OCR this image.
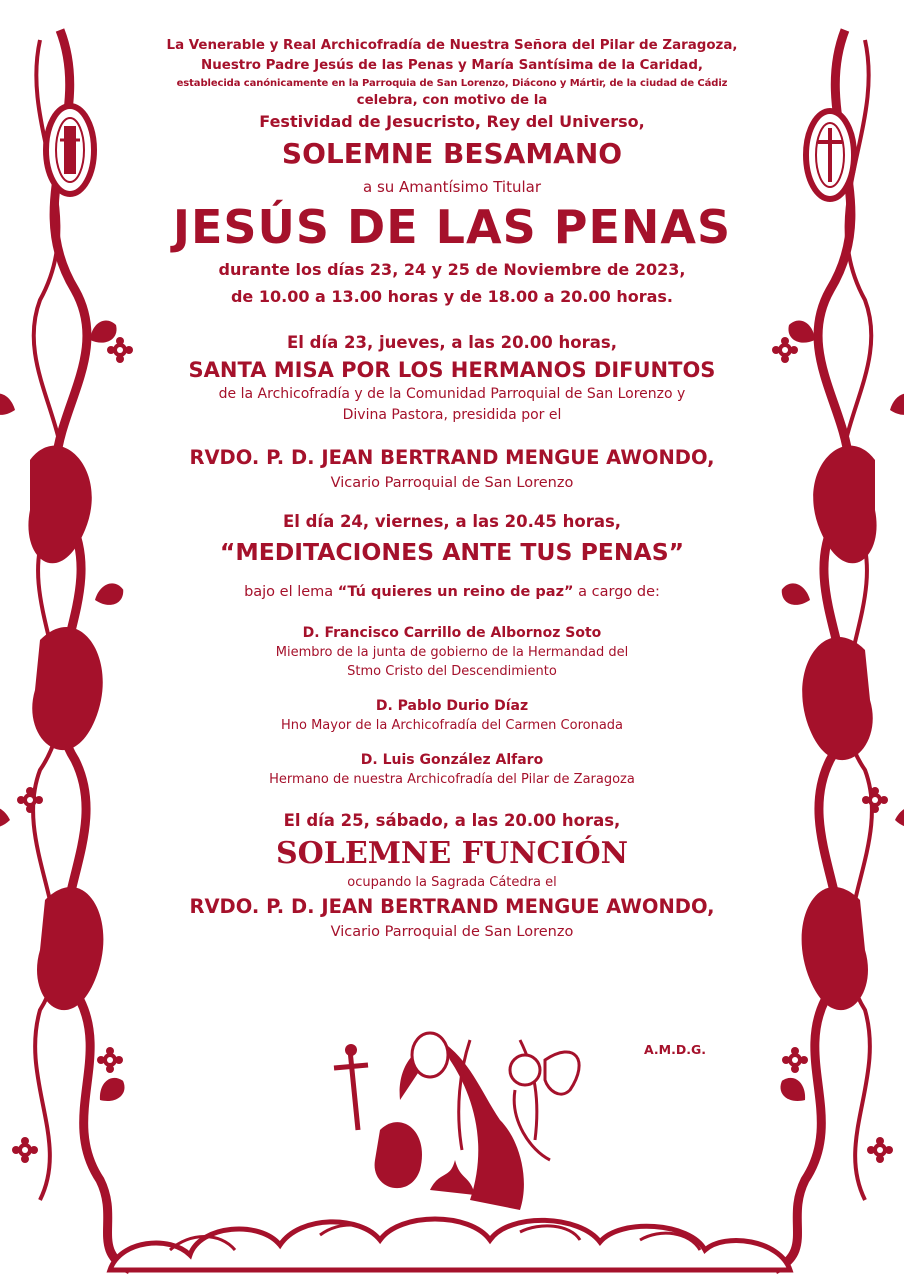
La Venerable y Real Archicofradía de Nuestra Señora del Pilar de Zaragoza,
Nuestro Padre Jesús de las Penas y María Santísima de la Caridad,
establecida canónicamente en la Parroquia de San Lorenzo, Diácono y Mártir, de la ciudad de Cádiz
celebra, con motivo de la
Festividad de Jesucristo, Rey del Universo,
SOLEMNE BESAMANO
a su Amantísimo Titular
JESÚS DE LAS PENAS
durante los días 23, 24 y 25 de Noviembre de 2023,
de 10.00 a 13.00 horas y de 18.00 a 20.00 horas.
El día 23, jueves, a las 20.00 horas,
SANTA MISA POR LOS HERMANOS DIFUNTOS
de la Archicofradía y de la Comunidad Parroquial de San Lorenzo y
Divina Pastora, presidida por el
RVDO. P. D. JEAN BERTRAND MENGUE AWONDO,
Vicario Parroquial de San Lorenzo
El día 24, viernes, a las 20.45 horas,
“MEDITACIONES ANTE TUS PENAS”
bajo el lema “Tú quieres un reino de paz” a cargo de:
D. Francisco Carrillo de Albornoz Soto
Miembro de la junta de gobierno de la Hermandad del
Stmo Cristo del Descendimiento
D. Pablo Durio Díaz
Hno Mayor de la Archicofradía del Carmen Coronada
D. Luis González Alfaro
Hermano de nuestra Archicofradía del Pilar de Zaragoza
El día 25, sábado, a las 20.00 horas,
SOLEMNE FUNCIÓN
ocupando la Sagrada Cátedra el
RVDO. P. D. JEAN BERTRAND MENGUE AWONDO,
Vicario Parroquial de San Lorenzo
A.M.D.G.
